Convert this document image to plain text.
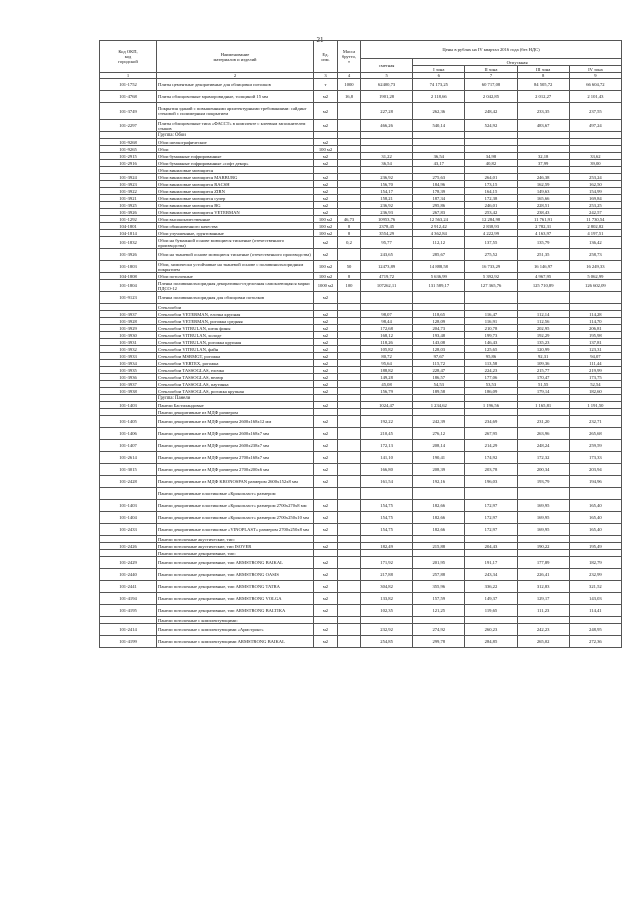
21
Код ОКП,
код
городской	Наименование
материалов и изделий	Ед.
изм.	Масса брутто,
т	Цены в рублях на IV квартал 2016 года (без НДС)				
				сметная	Отпускная			
					I зона	II зона	III зона	IV зона
1	2	3	4	5	6	7	8	9
101-1752	Плиты цементные декоративные для облицовки потолков	т	1000	62400,73	74 173,25	60 717,08	84 505,72	66 604,72
101-4768	Плиты облицовочные мраморовидные, толщиной 15 мм	м2	16,8	1901,28	2 118,66	2 042,85	2 012,27	2 101,43
101-3749	Покрытия зданий с повышенными архитектурными требованиями: сайдинг стеновой с полимерным покрытием	м2		227,28	262,36	248,42	233,35	237,55
101-2297	Плиты облицовочные типа «ФАССТ» в комплекте с клеевым заполнителем стыков	м2		466,26	540,14	524,92	483,67	497,24
	Группа: Обои							
101-9268	Обои шелкографические	м2						
101-9265	Обои	100 м2						
101-2915	Обои бумажные гофрированные	м2		31,22	36,54	34,98	32,18	33,62
101-2916	Обои бумажные гофрированные «софт декор»	м2		36,54	43,17	40,82	37,99	39,00
	Обои виниловые моющиеся							
101-3924	Обои виниловые моющиеся MARBURG	м2		236,92	275,63	264,01	246,38	253,24
101-3923	Обои виниловые моющиеся RACSH	м2		156,70	184,96	173,15	162,59	162,50
101-3922	Обои виниловые моющиеся ZIRN	м2		154,17	178,39	164,15	149,63	154,99
101-3921	Обои виниловые моющиеся супер	м2		158,21	187,34	172,38	165,66	169,84
101-3925	Обои виниловые моющиеся BG	м2		236,92	295,86	246,01	228,51	253,25
101-3926	Обои виниловые моющиеся VETERMAN	м2		236,93	267,83	253,42	238,43	242,57
101-1292	Обои высококачественные	100 м2	46,73	10953,76	12 563,24	12 284,98	11 761,91	11 730,54
104-1801	Обои обыкновенного качества	100 м2	8	2378,45	2 912,42	2 838,93	2 782,31	2 802,82
104-1814	Обои улучшенные, грунтованные	100 м2	8	3554,29	4 362,84	4 222,99	4 163,97	4 197,51
101-1832	Обои на бумажной основе моющиеся тисненые (отечественного производства)	м2	0,2	95,77	112,12	137,55	135,79	136,42
101-3926	Обои на тканевой основе моющиеся тисненые (отечественного производства)	м2		243,65	285,67	275,52	251,35	258,73
101-1803	Обои, химически устойчивые на тканевой основе с поливинилхлоридным покрытием	100 м2	50	12473,89	14 888,58	16 733,29	16 146,97	16 249,33
104-1808	Обои потолочные	100 м2	8	4719,72	5 636,99	5 392,92	4 967,95	5 062,99
101-1804	Пленка поливинилхлоридная декоративно-отделочная самоклеющаяся марки ПДСО-12	1000 м2	100	107262,11	131 589,17	127 365,76	125 710,89	126 602,09
101-9123	Пленка поливинилхлоридная для облицовки потолков	м2						
	Стеклообои							
101-3937	Стеклообои VETERMAN, елочка крупная	м2		98,07	118,65	116,47	112,14	114,28
101-3928	Стеклообои VETERMAN, рогожка средняя	м2		98,44	128,09	116,91	112,56	114,70
101-3929	Стеклообои VITRULAN, шелк фины	м2		172,68	204,73	210,78	202,95	206,81
101-3930	Стеклообои VITRULAN, холоде	м2		168,12	193,48	199,73	192,29	195,98
101-3931	Стеклообои VITRULAN, рогожка крупная	м2		118,26	143,08	146,43	135,23	137,81
101-3932	Стеклообои VITRULAN, файн	м2		105,82	128,03	125,65	120,99	123,31
101-3933	Стеклообои MSRMGT, рогожка	м2		80,72	97,67	95,86	92,31	94,07
101-3934	Стеклообои VERTEX, рогожка	м2		95,64	115,72	113,58	109,36	111,44
101-3935	Стеклообои TASSOGLAS, елочка	м2		188,82	228,47	224,23	215,77	219,99
101-3936	Стеклообои TASSOGLAS, велюр	м2		149,28	186,57	177,06	170,47	173,75
101-3937	Стеклообои TASSOGLAS, паутинка	м2		45,08	54,53	53,53	51,55	52,54
101-3938	Стеклообои TASSOGLAS, рогожка крупная	м2		156,79	189,58	186,09	179,14	182,60
	Группа: Панели							
101-1403	Панели Бастиландовые	м2		1024,47	1 234,62	1 196,56	1 165,81	1 191,50
	Панели декоративные из МДФ размером							
101-1405	Панели декоративные из МДФ размером 2600х168х12 мм	м2		192,22	242,39	234,69	231,20	232,71
101-1406	Панели декоративные из МДФ размером 2600х168х7 мм	м2		210,45	276,12	267,95	263,96	265,68
101-1407	Панели декоративные из МДФ размером 2600х238х7 мм	м2		172,13	208,14	214,29	248,24	259,59
101-2614	Панели декоративные из МДФ размером 2700х168х7 мм	м2		141,10	190,41	174,92	172,32	173,33
101-3015	Панели декоративные из МДФ размером 2700х200х6 мм	м2		166,80	208,39	203,78	200,34	203,94
101-2428	Панели декоративные из МДФ KRONOSPAN размером 2600х152х8 мм	м2		161,54	192,16	196,03	193,79	194,96
	Панели декоративные пластиковые «Кронопласт» размером							
101-1403	Панели декоративные пластиковые «Кронопласт» размером 2700х270х8 мм	м2		154,75	182,66	172,97	169,95	165,40
101-1404	Панели декоративные пластиковые «Кронопласт» размером 2700х250х10 мм	м2		154,75	182,66	172,97	169,95	165,40
101-2433	Панели декоративные пластиковые «VINOPLAST» размером 2700х250х8 мм	м2		154,75	182,66	172,97	169,95	165,40
	Панели потолочные акустические, тип:							
101-2426	Панели потолочные акустические, тип ISOVER	м2		182,49	215,88	204,43	190,22	195,49
	Панели потолочные декоративные, тип:							
101-2429	Панели потолочные декоративные, тип ARMSTRONG BAIKAL	м2		171,92	201,95	191,17	177,89	182,79
101-2440	Панели потолочные декоративные, тип ARMSTRONG OASIS	м2		217,88	257,88	243,34	226,41	232,99
101-2441	Панели потолочные декоративные, тип ARMSTRONG TATRA	м2		304,82	355,96	336,22	312,83	321,52
101-4194	Панели потолочные декоративные, тип ARMSTRONG VOLGA	м2		133,82	157,59	149,37	129,17	143,03
101-4195	Панели потолочные декоративные, тип ARMSTRONG BALTIKA	м2		102,35	121,25	119,65	111,23	114,41
	Панели потолочные с комплектующими:							
101-2414	Панели потолочные с комплектующими «Армстронг»	м2		232,92	274,92	260,23	242,23	248,95
101-4199	Панели потолочные с комплектующими ARMSTRONG BAIKAL	м2		254,85	299,78	284,85	265,02	272,36
